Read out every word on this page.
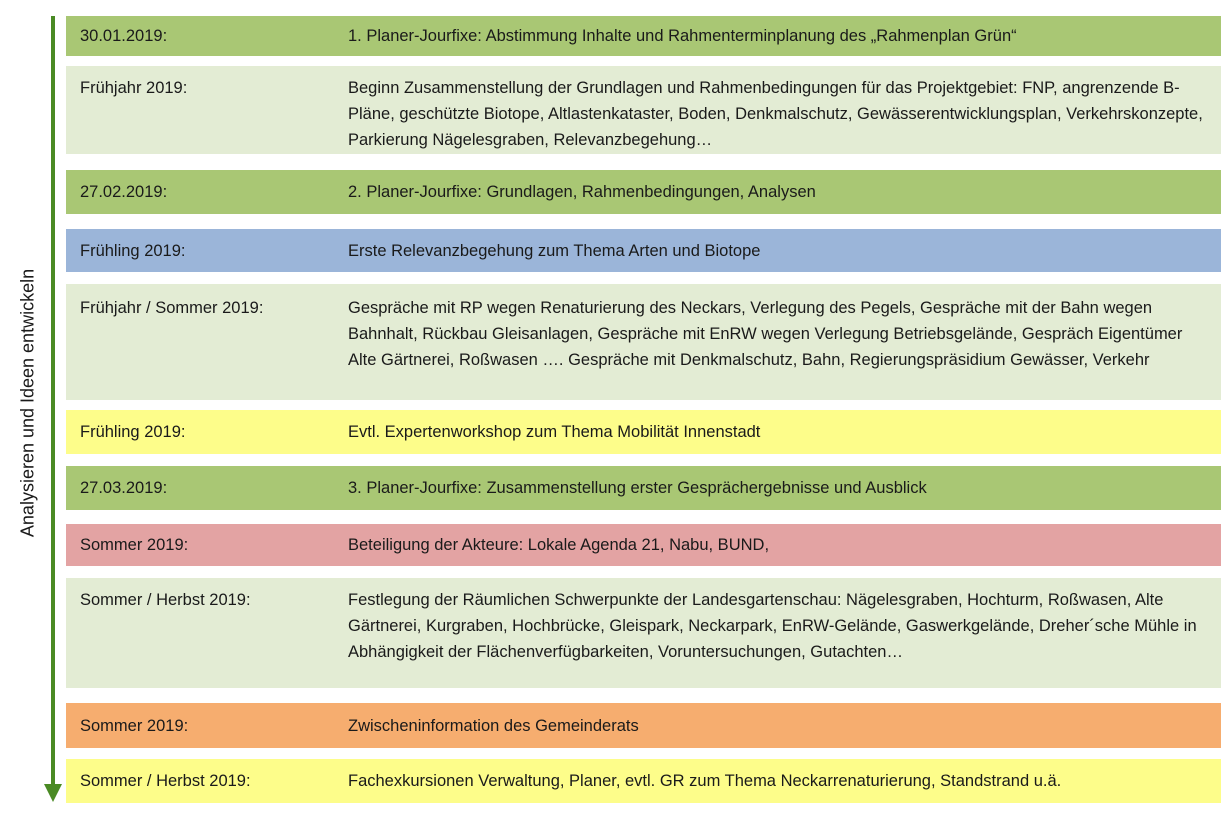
Analysieren und Ideen entwickeln
30.01.2019:	1. Planer-Jourfixe: Abstimmung Inhalte und Rahmenterminplanung des „Rahmenplan Grün“
Frühjahr 2019:	Beginn Zusammenstellung der Grundlagen und Rahmenbedingungen für das Projektgebiet: FNP, angrenzende B-Pläne, geschützte Biotope, Altlastenkataster, Boden, Denkmalschutz, Gewässerentwicklungsplan, Verkehrskonzepte, Parkierung Nägelesgraben, Relevanzbegehung…
27.02.2019:	2. Planer-Jourfixe: Grundlagen, Rahmenbedingungen, Analysen
Frühling 2019:	Erste Relevanzbegehung zum Thema Arten und Biotope
Frühjahr / Sommer 2019:	Gespräche mit RP wegen Renaturierung des Neckars, Verlegung des Pegels, Gespräche mit der Bahn wegen Bahnhalt, Rückbau Gleisanlagen, Gespräche mit EnRW wegen Verlegung Betriebsgelände, Gespräch Eigentümer Alte Gärtnerei, Roßwasen …. Gespräche mit Denkmalschutz, Bahn, Regierungspräsidium Gewässer, Verkehr
Frühling 2019:	Evtl. Expertenworkshop zum Thema Mobilität Innenstadt
27.03.2019:	3. Planer-Jourfixe: Zusammenstellung erster Gesprächergebnisse und Ausblick
Sommer 2019:	Beteiligung der Akteure: Lokale Agenda 21, Nabu, BUND,
Sommer / Herbst 2019:	Festlegung der Räumlichen Schwerpunkte der Landesgartenschau: Nägelesgraben, Hochturm, Roßwasen, Alte Gärtnerei, Kurgraben, Hochbrücke, Gleispark, Neckarpark, EnRW-Gelände, Gaswerkgelände, Dreher´sche Mühle in Abhängigkeit der Flächenverfügbarkeiten, Voruntersuchungen, Gutachten…
Sommer 2019:	Zwischeninformation des Gemeinderats
Sommer / Herbst 2019:	Fachexkursionen Verwaltung, Planer, evtl. GR zum Thema Neckarrenaturierung, Standstrand u.ä.
